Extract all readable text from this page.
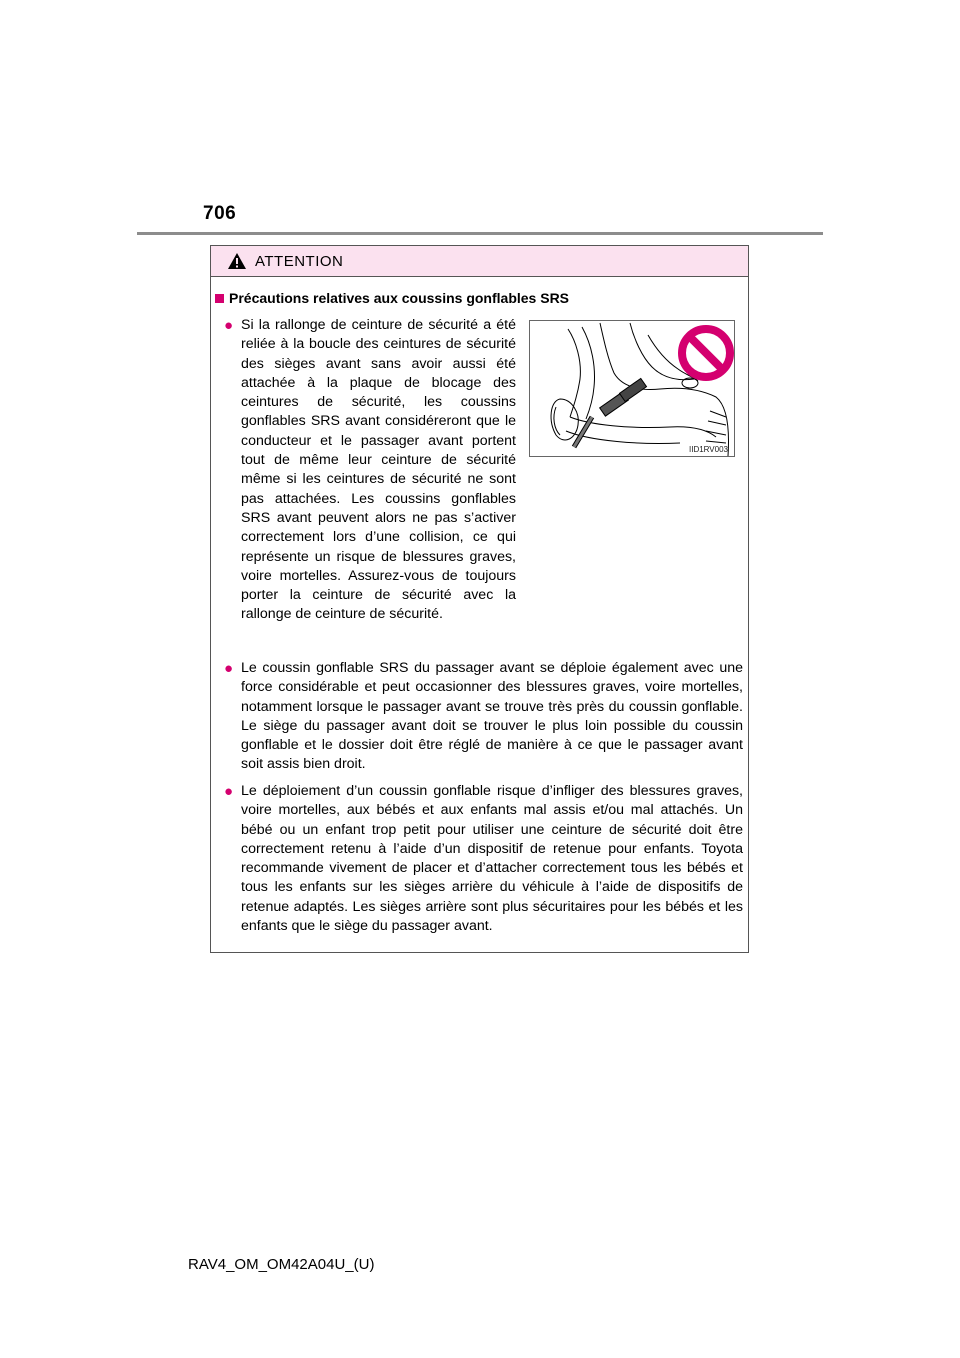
706
ATTENTION
Précautions relatives aux coussins gonflables SRS
● Si la rallonge de ceinture de sécurité a été reliée à la boucle des ceintures de sécurité des sièges avant sans avoir aussi été attachée à la plaque de blocage des ceintures de sécurité, les coussins gonflables SRS avant considéreront que le conducteur et le passager avant portent tout de même leur ceinture de sécurité même si les ceintures de sécurité ne sont pas attachées. Les coussins gonflables SRS avant peuvent alors ne pas s’activer correctement lors d’une collision, ce qui représente un risque de blessures graves, voire mortelles. Assurez-vous de toujours porter la ceinture de sécurité avec la rallonge de ceinture de sécurité.
IID1RV003
● Le coussin gonflable SRS du passager avant se déploie également avec une force considérable et peut occasionner des blessures graves, voire mortelles, notamment lorsque le passager avant se trouve très près du coussin gonflable. Le siège du passager avant doit se trouver le plus loin possible du coussin gonflable et le dossier doit être réglé de manière à ce que le passager avant soit assis bien droit.
● Le déploiement d’un coussin gonflable risque d’infliger des blessures graves, voire mortelles, aux bébés et aux enfants mal assis et/ou mal attachés. Un bébé ou un enfant trop petit pour utiliser une ceinture de sécurité doit être correctement retenu à l’aide d’un dispositif de retenue pour enfants. Toyota recommande vivement de placer et d’attacher correctement tous les bébés et tous les enfants sur les sièges arrière du véhicule à l’aide de dispositifs de retenue adaptés. Les sièges arrière sont plus sécuritaires pour les bébés et les enfants que le siège du passager avant.
RAV4_OM_OM42A04U_(U)
